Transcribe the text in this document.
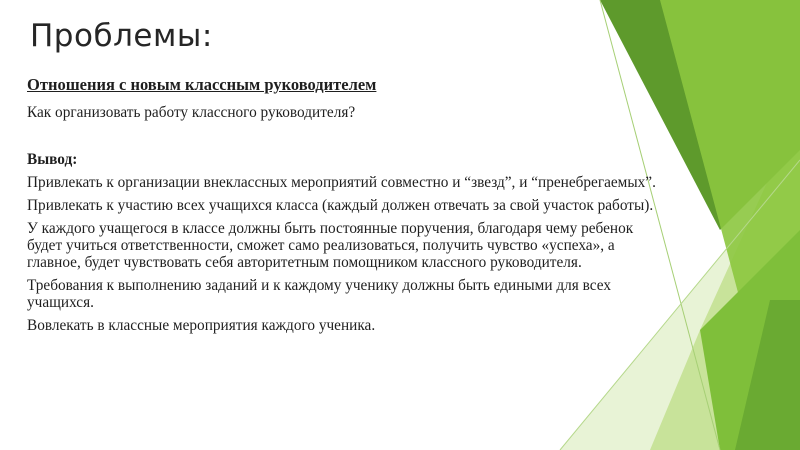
Проблемы:
Отношения с новым классным руководителем
Как организовать работу классного руководителя?
Вывод:
Привлекать к организации внеклассных мероприятий совместно и “звезд”, и “пренебрегаемых”.
Привлекать к участию всех учащихся класса (каждый должен отвечать за свой участок работы).
У каждого учащегося в классе должны быть постоянные поручения, благодаря чему ребенок будет учиться ответственности, сможет само реализоваться, получить чувство «успеха», а главное, будет чувствовать себя авторитетным помощником классного руководителя.
Требования к выполнению заданий и к каждому ученику должны быть едиными для всех учащихся.
Вовлекать в классные мероприятия каждого ученика.
